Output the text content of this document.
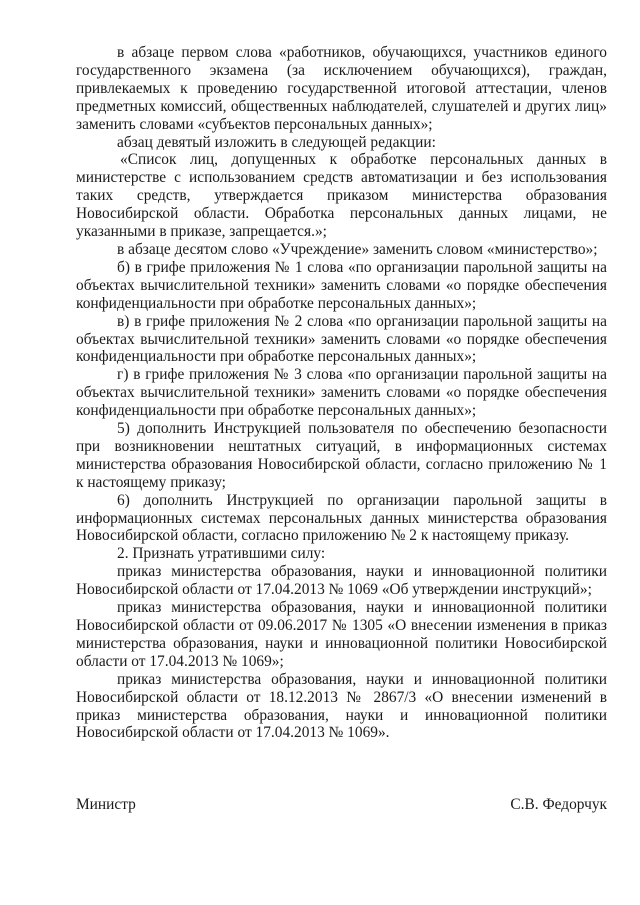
в абзаце первом слова «работников, обучающихся, участников единого государственного экзамена (за исключением обучающихся), граждан, привлекаемых к проведению государственной итоговой аттестации, членов предметных комиссий, общественных наблюдателей, слушателей и других лиц» заменить словами «субъектов персональных данных»;

абзац девятый изложить в следующей редакции:

«Список лиц, допущенных к обработке персональных данных в министерстве с использованием средств автоматизации и без использования таких средств, утверждается приказом министерства образования Новосибирской области. Обработка персональных данных лицами, не указанными в приказе, запрещается.»;

в абзаце десятом слово «Учреждение» заменить словом «министерство»;

б) в грифе приложения № 1 слова «по организации парольной защиты на объектах вычислительной техники» заменить словами «о порядке обеспечения конфиденциальности при обработке персональных данных»;

в) в грифе приложения № 2 слова «по организации парольной защиты на объектах вычислительной техники» заменить словами «о порядке обеспечения конфиденциальности при обработке персональных данных»;

г) в грифе приложения № 3 слова «по организации парольной защиты на объектах вычислительной техники» заменить словами «о порядке обеспечения конфиденциальности при обработке персональных данных»;

5) дополнить Инструкцией пользователя по обеспечению безопасности при возникновении нештатных ситуаций, в информационных системах министерства образования Новосибирской области, согласно приложению № 1 к настоящему приказу;

6) дополнить Инструкцией по организации парольной защиты в информационных системах персональных данных министерства образования Новосибирской области, согласно приложению № 2 к настоящему приказу.

2. Признать утратившими силу:

приказ министерства образования, науки и инновационной политики Новосибирской области от 17.04.2013 № 1069 «Об утверждении инструкций»;

приказ министерства образования, науки и инновационной политики Новосибирской области от 09.06.2017 № 1305 «О внесении изменения в приказ министерства образования, науки и инновационной политики Новосибирской области от 17.04.2013 № 1069»;

приказ министерства образования, науки и инновационной политики Новосибирской области от 18.12.2013 № 2867/3 «О внесении изменений в приказ министерства образования, науки и инновационной политики Новосибирской области от 17.04.2013 № 1069».

Министр	С.В. Федорчук
